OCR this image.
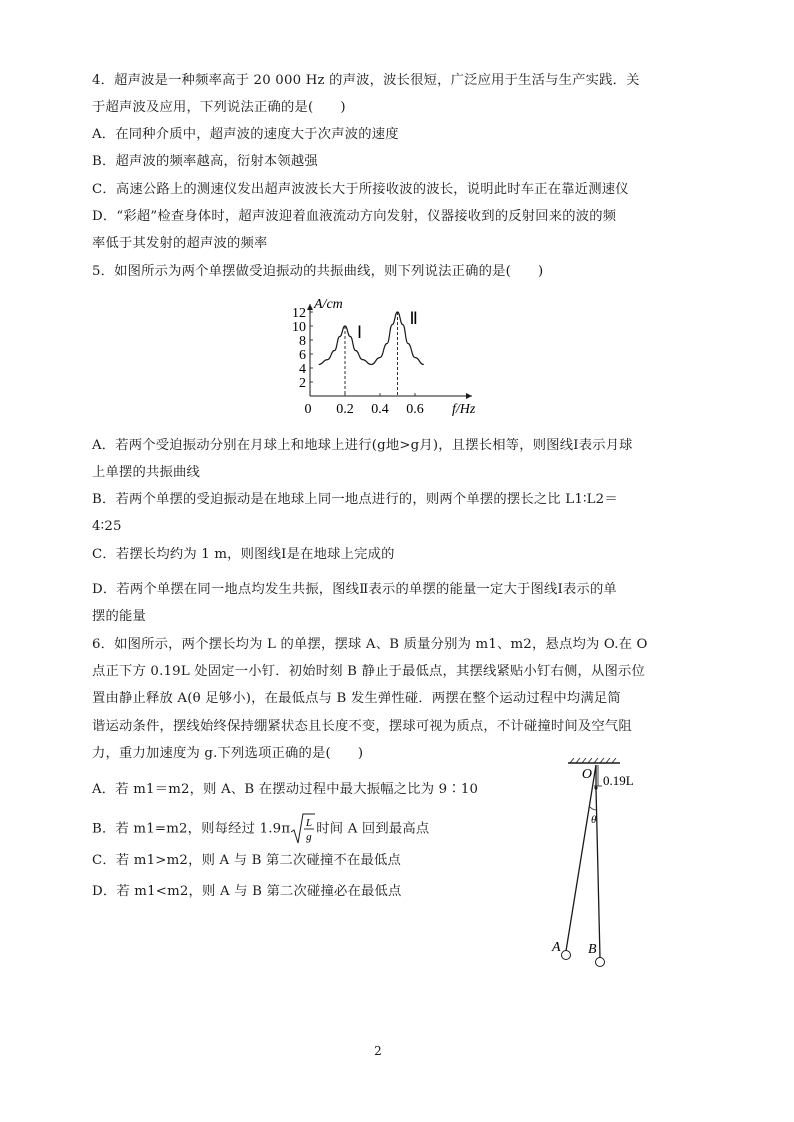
4．超声波是一种频率高于 20 000 Hz 的声波，波长很短，广泛应用于生活与生产实践．关
于超声波及应用，下列说法正确的是(　　)
A．在同种介质中，超声波的速度大于次声波的速度
B．超声波的频率越高，衍射本领越强
C．高速公路上的测速仪发出超声波波长大于所接收波的波长，说明此时车正在靠近测速仪
D．“彩超”检查身体时，超声波迎着血液流动方向发射，仪器接收到的反射回来的波的频
率低于其发射的超声波的频率
5．如图所示为两个单摆做受迫振动的共振曲线，则下列说法正确的是(　　)
2
4
6
8
10
12
0 0.2 0.4 0.6 f/Hz
A/cm
Ⅰ
Ⅱ
A．若两个受迫振动分别在月球上和地球上进行(g地>g月)，且摆长相等，则图线Ⅰ表示月球
上单摆的共振曲线
B．若两个单摆的受迫振动是在地球上同一地点进行的，则两个单摆的摆长之比 L1∶L2＝
4∶25
C．若摆长均约为 1 m，则图线Ⅰ是在地球上完成的
D．若两个单摆在同一地点均发生共振，图线Ⅱ表示的单摆的能量一定大于图线Ⅰ表示的单
摆的能量
6．如图所示，两个摆长均为 L 的单摆，摆球 A、B 质量分别为 m1、m2，悬点均为 O.在 O
点正下方 0.19L 处固定一小钉．初始时刻 B 静止于最低点，其摆线紧贴小钉右侧，从图示位
置由静止释放 A(θ 足够小)，在最低点与 B 发生弹性碰．两摆在整个运动过程中均满足简
谐运动条件，摆线始终保持绷紧状态且长度不变，摆球可视为质点，不计碰撞时间及空气阻
力，重力加速度为 g.下列选项正确的是(　　)
A．若 m1＝m2，则 A、B 在摆动过程中最大振幅之比为 9∶10
B．若 m1=m2，则每经过 1.9π L
g
时间 A 回到最高点
C．若 m1>m2，则 A 与 B 第二次碰撞不在最低点
D．若 m1<m2，则 A 与 B 第二次碰撞必在最低点
O 0.19L
θ
A B
2
